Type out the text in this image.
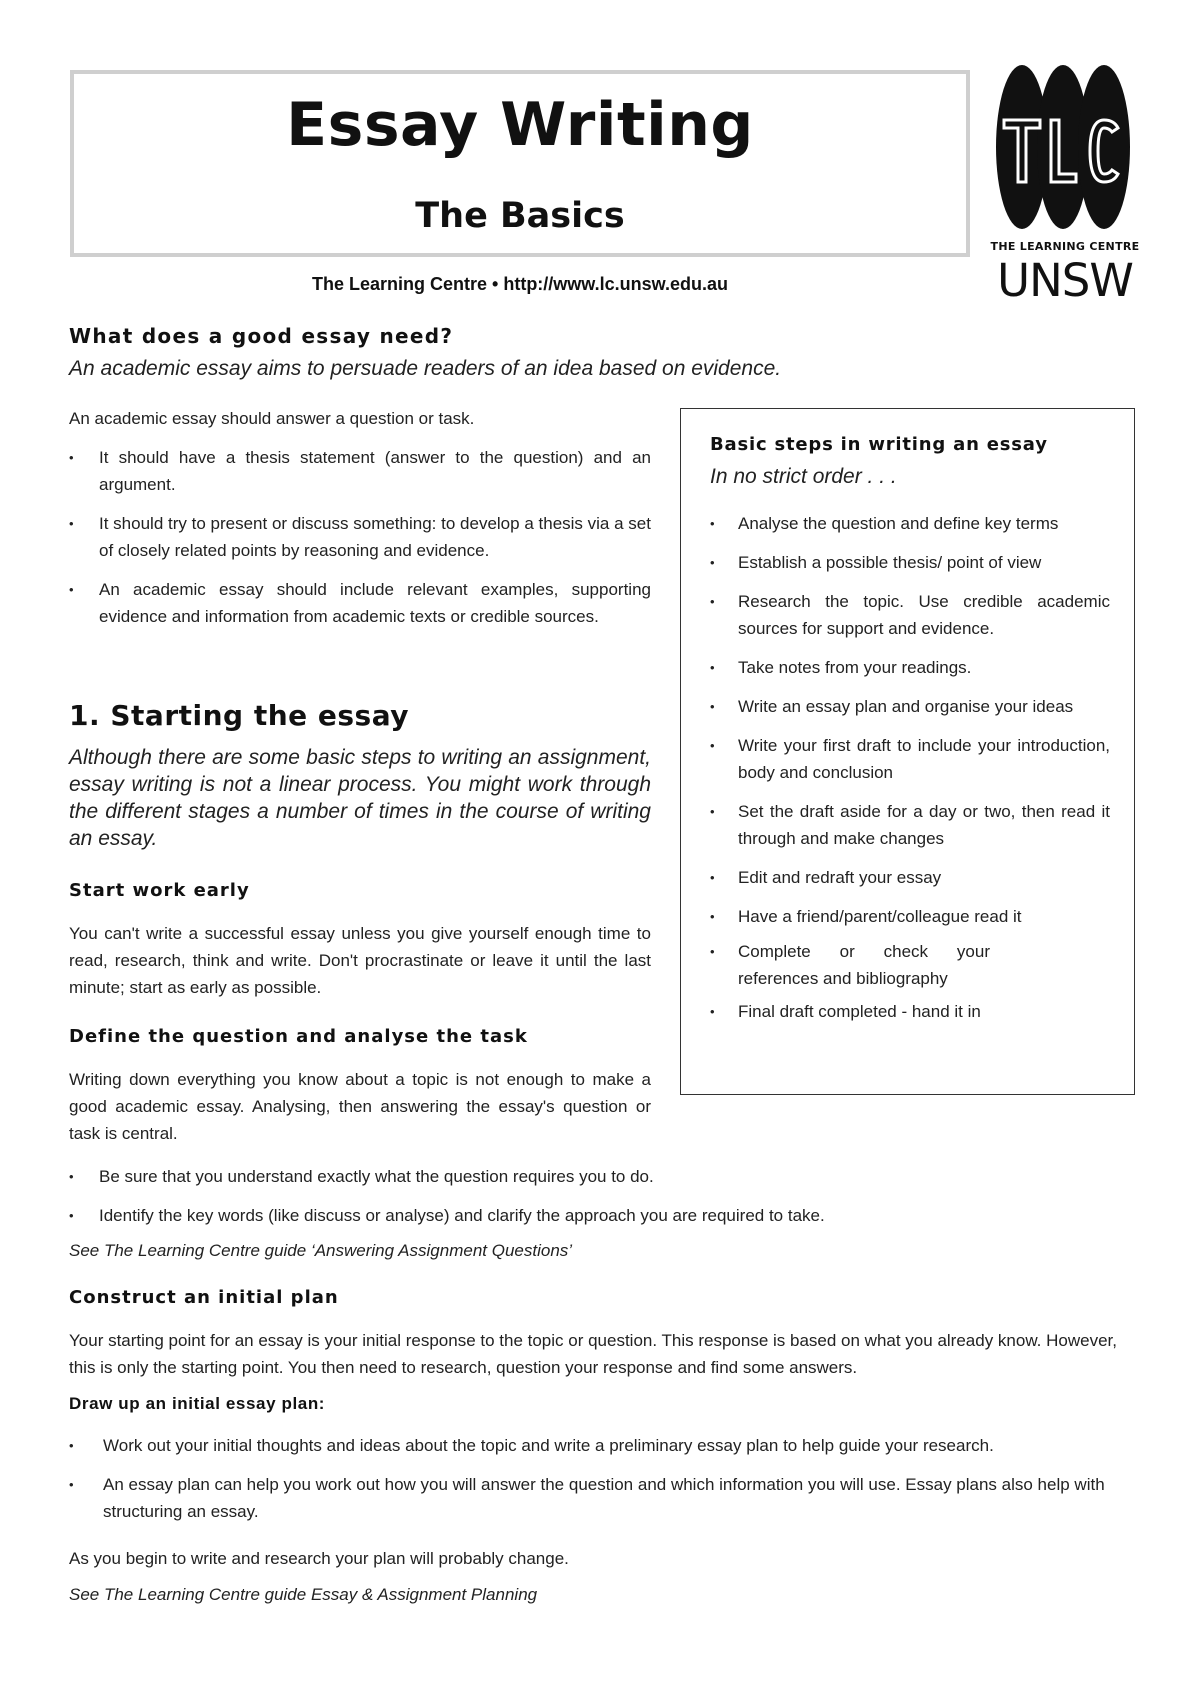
Essay Writing
The Basics
The Learning Centre • http://www.lc.unsw.edu.au
THE LEARNING CENTRE
UNSW
What does a good essay need?
An academic essay aims to persuade readers of an idea based on evidence.
An academic essay should answer a question or task.
• It should have a thesis statement (answer to the question) and an argument.
• It should try to present or discuss something: to develop a thesis via a set of closely related points by reasoning and evidence.
• An academic essay should include relevant examples, supporting evidence and information from academic texts or credible sources.
Basic steps in writing an essay
In no strict order . . .
• Analyse the question and define key terms
• Establish a possible thesis/ point of view
• Research the topic. Use credible academic sources for support and evidence.
• Take notes from your readings.
• Write an essay plan and organise your ideas
• Write your first draft to include your introduction, body and conclusion
• Set the draft aside for a day or two, then read it through and make changes
• Edit and redraft your essay
• Have a friend/parent/colleague read it
• Complete or check your references and bibliography
• Final draft completed - hand it in
1. Starting the essay
Although there are some basic steps to writing an assignment, essay writing is not a linear process. You might work through the different stages a number of times in the course of writing an essay.
Start work early
You can't write a successful essay unless you give yourself enough time to read, research, think and write. Don't procrastinate or leave it until the last minute; start as early as possible.
Define the question and analyse the task
Writing down everything you know about a topic is not enough to make a good academic essay. Analysing, then answering the essay's question or task is central.
• Be sure that you understand exactly what the question requires you to do.
• Identify the key words (like discuss or analyse) and clarify the approach you are required to take.
See The Learning Centre guide ‘Answering Assignment Questions’
Construct an initial plan
Your starting point for an essay is your initial response to the topic or question. This response is based on what you already know. However, this is only the starting point. You then need to research, question your response and find some answers.
Draw up an initial essay plan:
• Work out your initial thoughts and ideas about the topic and write a preliminary essay plan to help guide your research.
• An essay plan can help you work out how you will answer the question and which information you will use. Essay plans also help with structuring an essay.
As you begin to write and research your plan will probably change.
See The Learning Centre guide Essay & Assignment Planning
